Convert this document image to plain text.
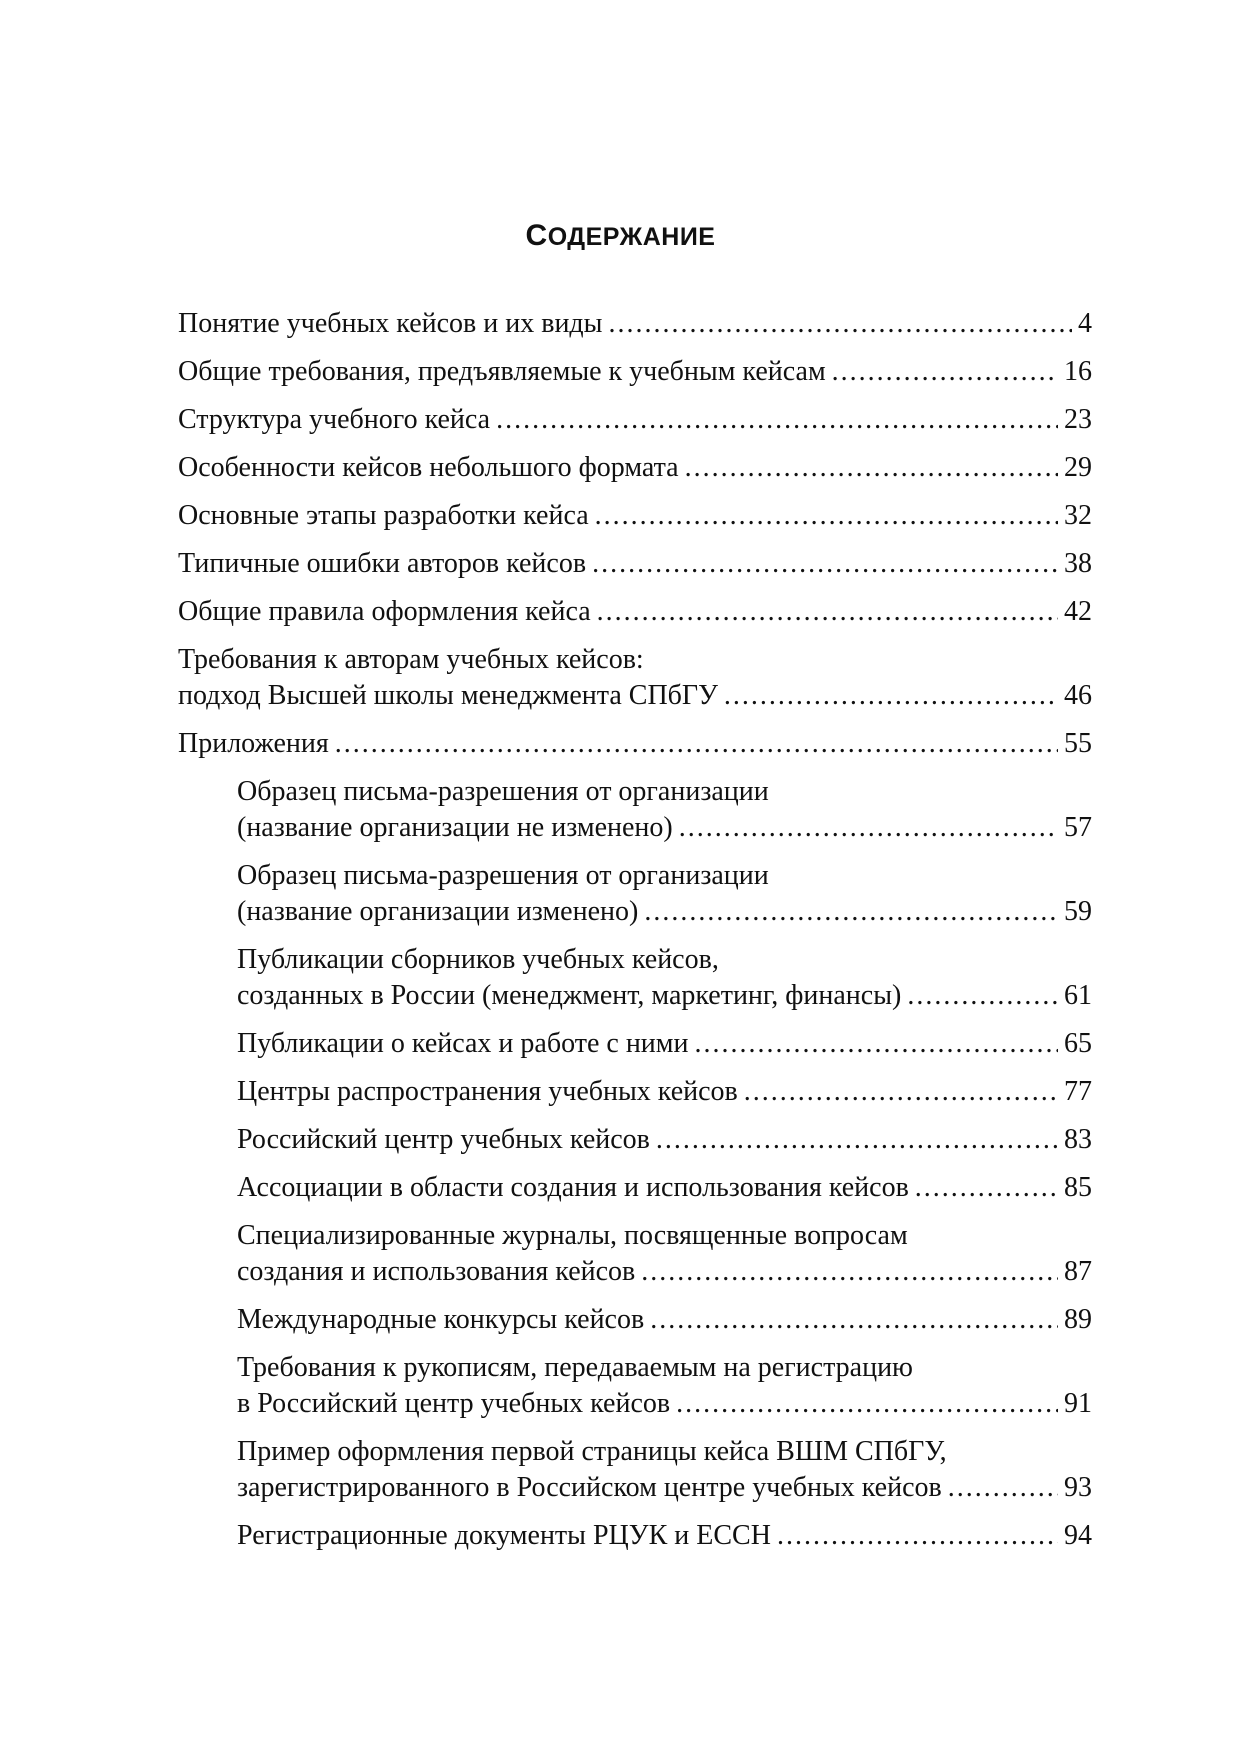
СОДЕРЖАНИЕ
Понятие учебных кейсов и их виды .....	4
Общие требования, предъявляемые к учебным кейсам .....	16
Структура учебного кейса .....	23
Особенности кейсов небольшого формата .....	29
Основные этапы разработки кейса .....	32
Типичные ошибки авторов кейсов .....	38
Общие правила оформления кейса .....	42
Требования к авторам учебных кейсов:
подход Высшей школы менеджмента СПбГУ .....	46
Приложения .....	55
Образец письма-разрешения от организации
(название организации не изменено) .....	57
Образец письма-разрешения от организации
(название организации изменено) .....	59
Публикации сборников учебных кейсов,
созданных в России (менеджмент, маркетинг, финансы) .....	61
Публикации о кейсах и работе с ними .....	65
Центры распространения учебных кейсов .....	77
Российский центр учебных кейсов .....	83
Ассоциации в области создания и использования кейсов .....	85
Специализированные журналы, посвященные вопросам
создания и использования кейсов .....	87
Международные конкурсы кейсов .....	89
Требования к рукописям, передаваемым на регистрацию
в Российский центр учебных кейсов .....	91
Пример оформления первой страницы кейса ВШМ СПбГУ,
зарегистрированного в Российском центре учебных кейсов .....	93
Регистрационные документы РЦУК и ЕССН .....	94
